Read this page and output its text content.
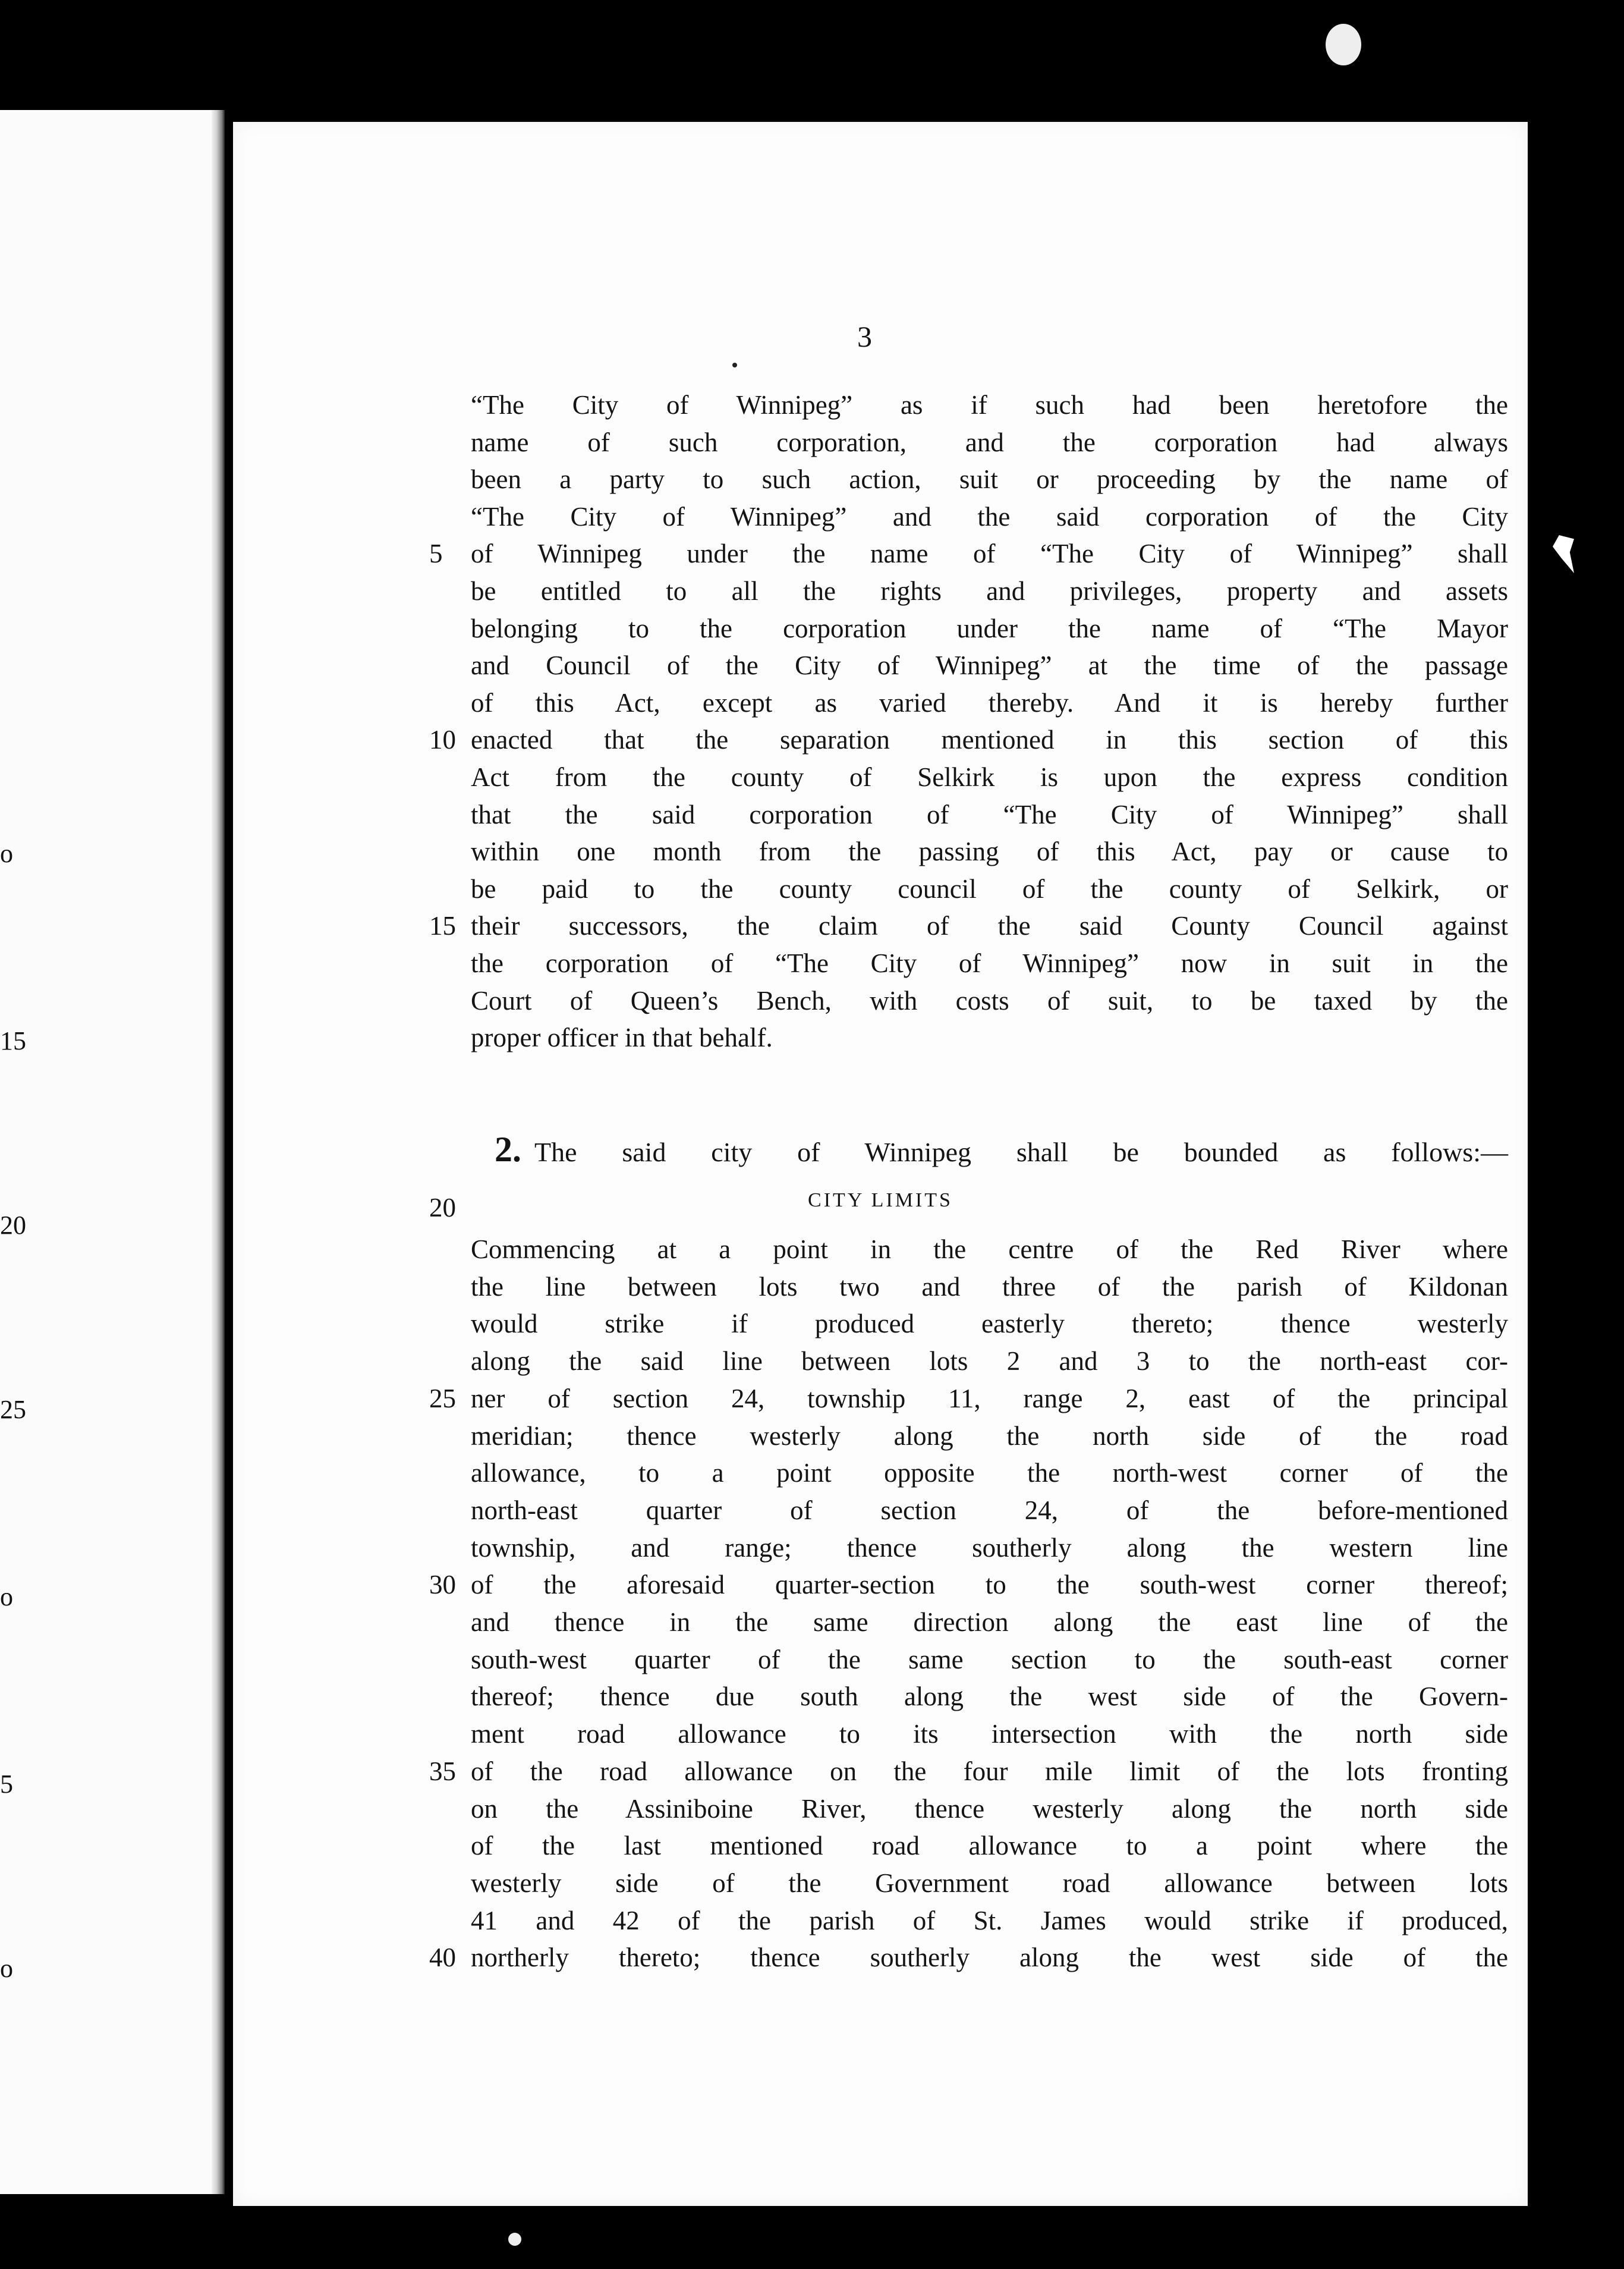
o
15
20
25
o
5
o
3
“The City of Winnipeg” as if such had been heretofore the
name of such corporation, and the corporation had always
been a party to such action, suit or proceeding by the name of
“The City of Winnipeg” and the said corporation of the City
5 of Winnipeg under the name of “The City of Winnipeg” shall
be entitled to all the rights and privileges, property and assets
belonging to the corporation under the name of “The Mayor
and Council of the City of Winnipeg” at the time of the passage
of this Act, except as varied thereby. And it is hereby further
10 enacted that the separation mentioned in this section of this
Act from the county of Selkirk is upon the express condition
that the said corporation of “The City of Winnipeg” shall
within one month from the passing of this Act, pay or cause to
be paid to the county council of the county of Selkirk, or
15 their successors, the claim of the said County Council against
the corporation of “The City of Winnipeg” now in suit in the
Court of Queen’s Bench, with costs of suit, to be taxed by the
proper officer in that behalf.
2. The said city of Winnipeg shall be bounded as follows:—
20	CITY LIMITS
Commencing at a point in the centre of the Red River where
the line between lots two and three of the parish of Kildonan
would strike if produced easterly thereto; thence westerly
along the said line between lots 2 and 3 to the north-east cor-
25 ner of section 24, township 11, range 2, east of the principal
meridian; thence westerly along the north side of the road
allowance, to a point opposite the north-west corner of the
north-east quarter of section 24, of the before-mentioned
township, and range; thence southerly along the western line
30 of the aforesaid quarter-section to the south-west corner thereof;
and thence in the same direction along the east line of the
south-west quarter of the same section to the south-east corner
thereof; thence due south along the west side of the Govern-
ment road allowance to its intersection with the north side
35 of the road allowance on the four mile limit of the lots fronting
on the Assiniboine River, thence westerly along the north side
of the last mentioned road allowance to a point where the
westerly side of the Government road allowance between lots
41 and 42 of the parish of St. James would strike if produced,
40 northerly thereto; thence southerly along the west side of the
